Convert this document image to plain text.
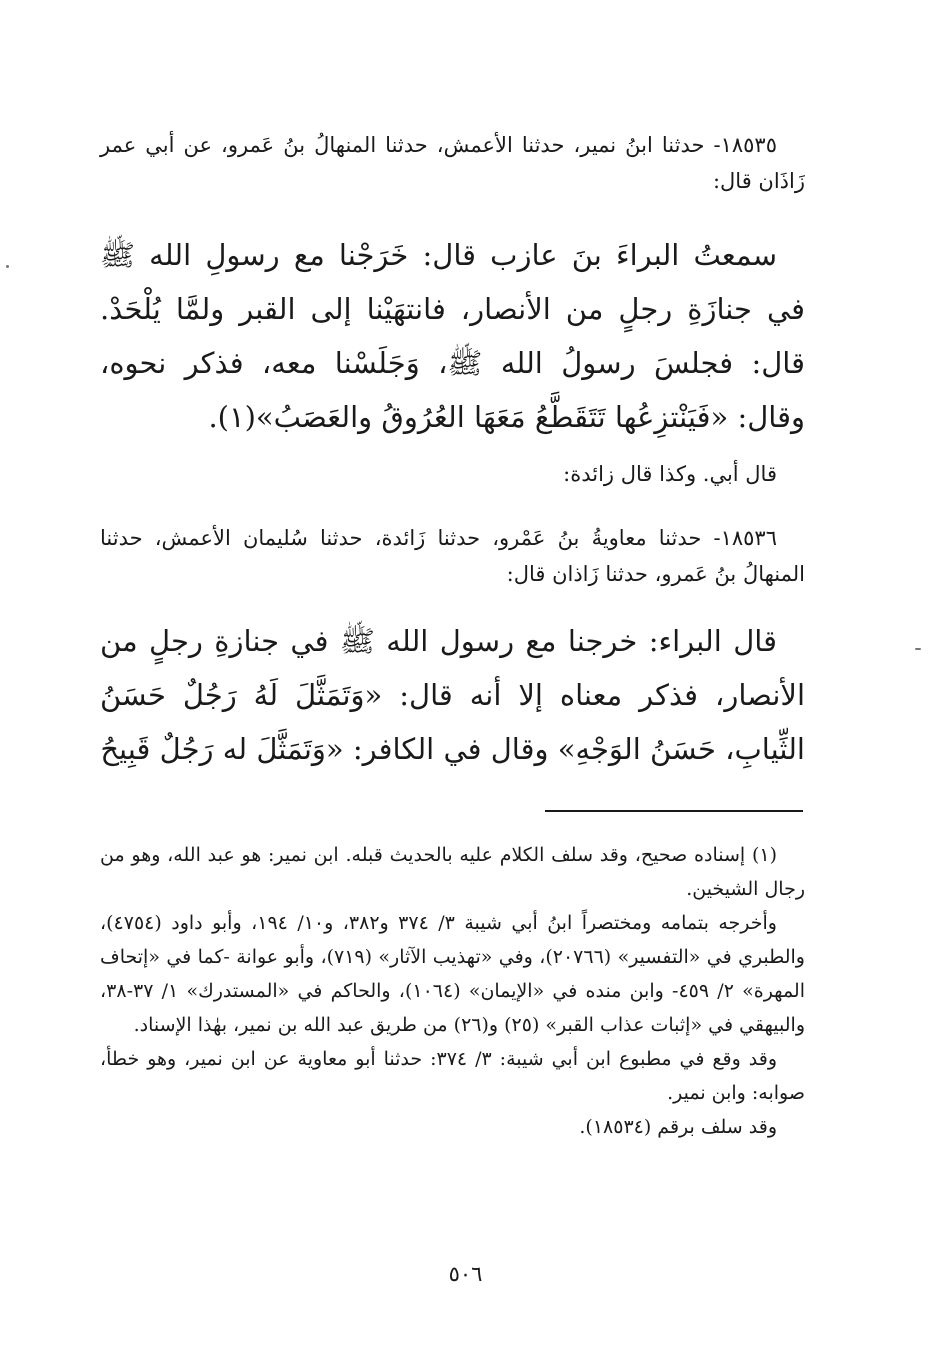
١٨٥٣٥- حدثنا ابنُ نمير، حدثنا الأعمش، حدثنا المنهالُ بنُ عَمرو، عن أبي عمر زَاذَان قال:

سمعتُ البراءَ بنَ عازب قال: خَرَجْنا مع رسولِ الله ﷺ في جنازَةِ رجلٍ من الأنصار، فانتهَيْنا إلى القبر ولمَّا يُلْحَدْ. قال: فجلسَ رسولُ الله ﷺ، وَجَلَسْنا معه، فذكر نحوه، وقال: «فَيَنْتزِعُها تَتَقَطَّعُ مَعَهَا العُرُوقُ والعَصَبُ»(١).

قال أبي. وكذا قال زائدة:

١٨٥٣٦- حدثنا معاويةُ بنُ عَمْرو، حدثنا زَائدة، حدثنا سُليمان الأعمش، حدثنا المنهالُ بنُ عَمرو، حدثنا زَاذان قال:

قال البراء: خرجنا مع رسول الله ﷺ في جنازةِ رجلٍ من الأنصار، فذكر معناه إلا أنه قال: «وَتَمَثَّلَ لَهُ رَجُلٌ حَسَنُ الثِّيابِ، حَسَنُ الوَجْهِ» وقال في الكافر: «وَتَمَثَّلَ له رَجُلٌ قَبِيحُ

(١) إسناده صحيح، وقد سلف الكلام عليه بالحديث قبله. ابن نمير: هو عبد الله، وهو من رجال الشيخين.

وأخرجه بتمامه ومختصراً ابنُ أبي شيبة ٣/ ٣٧٤ و٣٨٢، و١٠/ ١٩٤، وأبو داود (٤٧٥٤)، والطبري في «التفسير» (٢٠٧٦٦)، وفي «تهذيب الآثار» (٧١٩)، وأبو عوانة -كما في «إتحاف المهرة» ٢/ ٤٥٩- وابن منده في «الإيمان» (١٠٦٤)، والحاكم في «المستدرك» ١/ ٣٧-٣٨، والبيهقي في «إثبات عذاب القبر» (٢٥) و(٢٦) من طريق عبد الله بن نمير، بهٰذا الإسناد.

وقد وقع في مطبوع ابن أبي شيبة: ٣/ ٣٧٤: حدثنا أبو معاوية عن ابن نمير، وهو خطأ، صوابه: وابن نمير.

وقد سلف برقم (١٨٥٣٤).

٥٠٦
